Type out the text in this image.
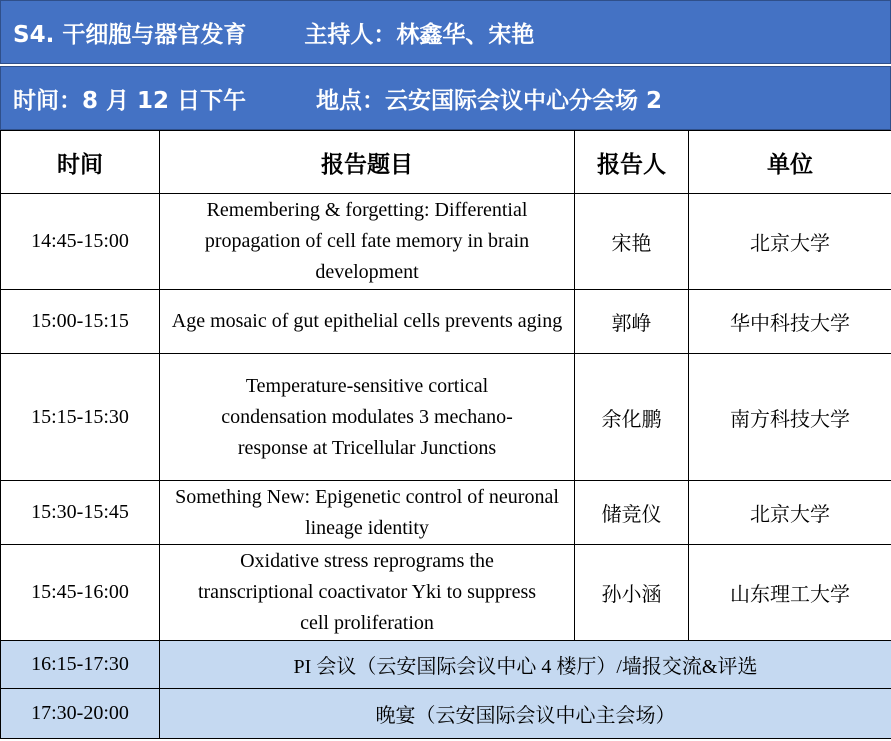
S4. 干细胞与器官发育	主持人：林鑫华、宋艳
时间：8 月 12 日下午	地点：云安国际会议中心分会场 2
时间	报告题目	报告人	单位
14:45-15:00	Remembering & forgetting: Differential propagation of cell fate memory in brain development	宋艳	北京大学
15:00-15:15	Age mosaic of gut epithelial cells prevents aging	郭峥	华中科技大学
15:15-15:30	Temperature-sensitive cortical condensation modulates 3 mechano-response at Tricellular Junctions	余化鹏	南方科技大学
15:30-15:45	Something New: Epigenetic control of neuronal lineage identity	储竞仪	北京大学
15:45-16:00	Oxidative stress reprograms the transcriptional coactivator Yki to suppress cell proliferation	孙小涵	山东理工大学
16:15-17:30	PI 会议（云安国际会议中心 4 楼厅）/墙报交流&评选		
17:30-20:00	晚宴（云安国际会议中心主会场）		
